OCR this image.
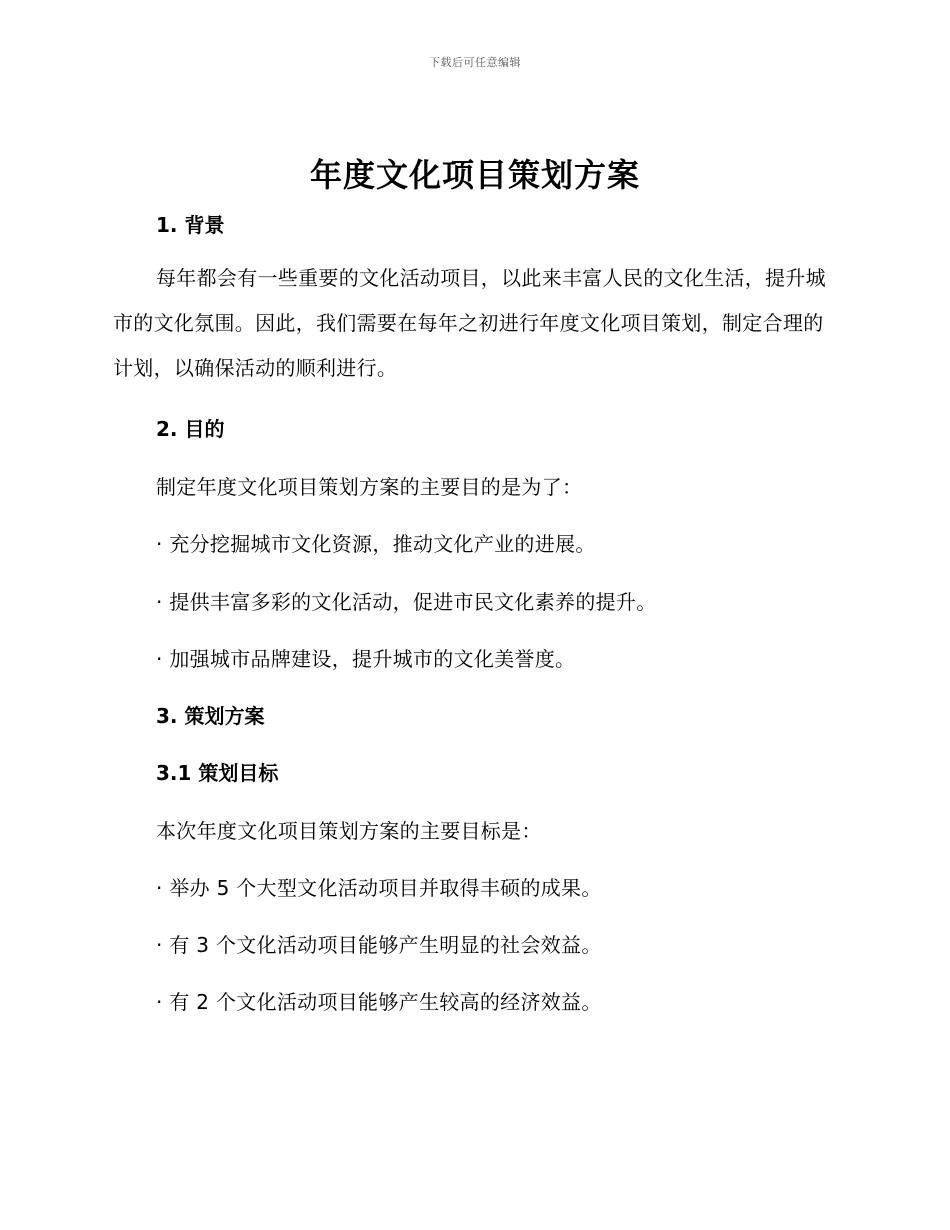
下载后可任意编辑
年度文化项目策划方案
1. 背景
每年都会有一些重要的文化活动项目，以此来丰富人民的文化生活，提升城市的文化氛围。因此，我们需要在每年之初进行年度文化项目策划，制定合理的计划，以确保活动的顺利进行。
2. 目的
制定年度文化项目策划方案的主要目的是为了：
· 充分挖掘城市文化资源，推动文化产业的进展。
· 提供丰富多彩的文化活动，促进市民文化素养的提升。
· 加强城市品牌建设，提升城市的文化美誉度。
3. 策划方案
3.1 策划目标
本次年度文化项目策划方案的主要目标是：
· 举办 5 个大型文化活动项目并取得丰硕的成果。
· 有 3 个文化活动项目能够产生明显的社会效益。
· 有 2 个文化活动项目能够产生较高的经济效益。
